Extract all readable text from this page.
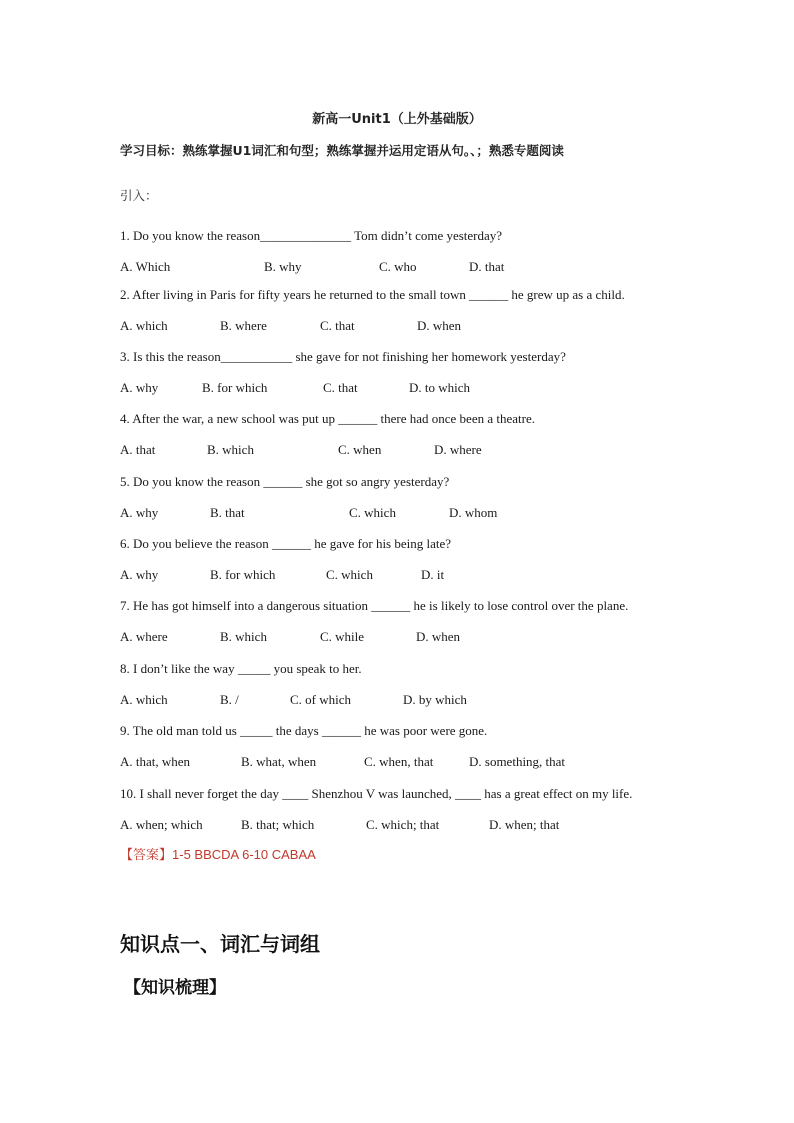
新高一Unit1（上外基础版）
学习目标：熟练掌握U1词汇和句型；熟练掌握并运用定语从句。、；熟悉专题阅读
引入：
1. Do you know the reason______________ Tom didn’t come yesterday?
A. Which	B. why	C. who	D. that
2. After living in Paris for fifty years he returned to the small town ______ he grew up as a child.
A. which	B. where	C. that	D. when
3. Is this the reason___________ she gave for not finishing her homework yesterday?
A. why	B. for which	C. that	D. to which
4. After the war, a new school was put up ______ there had once been a theatre.
A. that	B. which	C. when	D. where
5. Do you know the reason ______ she got so angry yesterday?
A. why	B. that	C. which	D. whom
6. Do you believe the reason ______ he gave for his being late?
A. why	B. for which	C. which	D. it
7. He has got himself into a dangerous situation ______ he is likely to lose control over the plane.
A. where	B. which	C. while	D. when
8. I don’t like the way _____ you speak to her.
A. which	B. /	C. of which	D. by which
9. The old man told us _____ the days ______ he was poor were gone.
A. that, when	B. what, when	C. when, that	D. something, that
10. I shall never forget the day ____ Shenzhou V was launched, ____ has a great effect on my life.
A. when; which	B. that; which	C. which; that	D. when; that
【答案】1-5 BBCDA 6-10 CABAA
知识点一、词汇与词组
【知识梳理】
